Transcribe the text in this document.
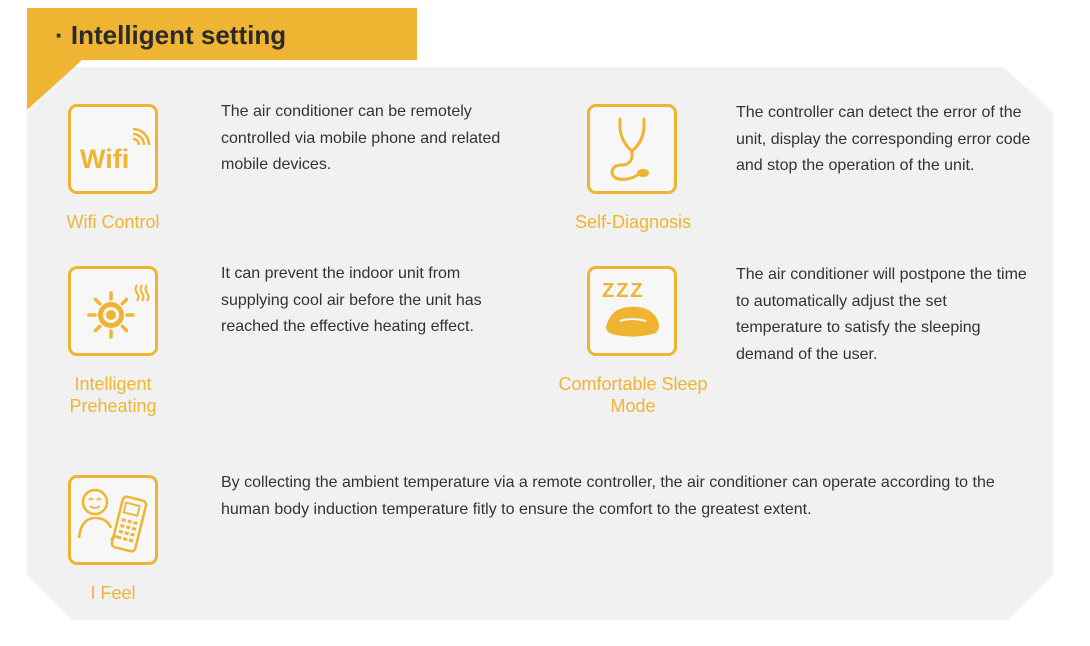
· Intelligent setting
Wifi
Wifi Control
The air conditioner can be remotely controlled via mobile phone and related mobile devices.
Self-Diagnosis
The controller can detect the error of the unit, display the corresponding error code and stop the operation of the unit.
Intelligent Preheating
It can prevent the indoor unit from supplying cool air before the unit has reached the effective heating effect.
ZZZ
Comfortable Sleep Mode
The air conditioner will postpone the time to automatically adjust the set temperature to satisfy the sleeping demand of the user.
I Feel
By collecting the ambient temperature via a remote controller, the air conditioner can operate according to the human body induction temperature fitly to ensure the comfort to the greatest extent.
